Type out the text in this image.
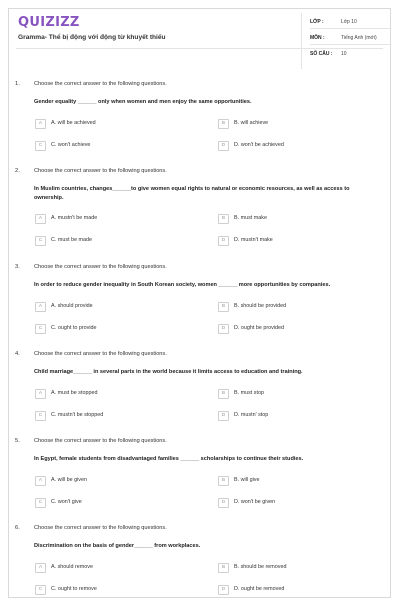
QUIZIZZ
Gramma- Thể bị động với động từ khuyết thiếu
LỚP :	Lớp 10
MÔN :	Tiếng Anh (mới)
SỐ CÂU : 10
1.	Choose the correct answer to the following questions.
Gender equality ______ only when women and men enjoy the same opportunities.
A	A. will be achieved	B	B. will achieve
C	C. won't achieve	D	D. won't be achieved
2.	Choose the correct answer to the following questions.
In Muslim countries, changes______to give women equal rights to natural or economic resources, as well as access to ownership.
A	A. mustn't be made	B	B. must make
C	C. must be made	D	D. mustn't make
3.	Choose the correct answer to the following questions.
In order to reduce gender inequality in South Korean society, women ______ more opportunities by companies.
A	A. should provide	B	B. should be provided
C	C. ought to provide	D	D. ought be provided
4.	Choose the correct answer to the following questions.
Child marriage______ in several parts in the world because it limits access to education and training.
A	A. must be stopped	B	B. must stop
C	C. mustn't be stopped	D	D. mustn' stop
5.	Choose the correct answer to the following questions.
In Egypt, female students from disadvantaged families ______ scholarships to continue their studies.
A	A. will be given	B	B. will give
C	C. won't give	D	D. won't be given
6.	Choose the correct answer to the following questions.
Discrimination on the basis of gender______ from workplaces.
A	A. should remove	B	B. should be removed
C	C. ought to remove	D	D. ought be removed
